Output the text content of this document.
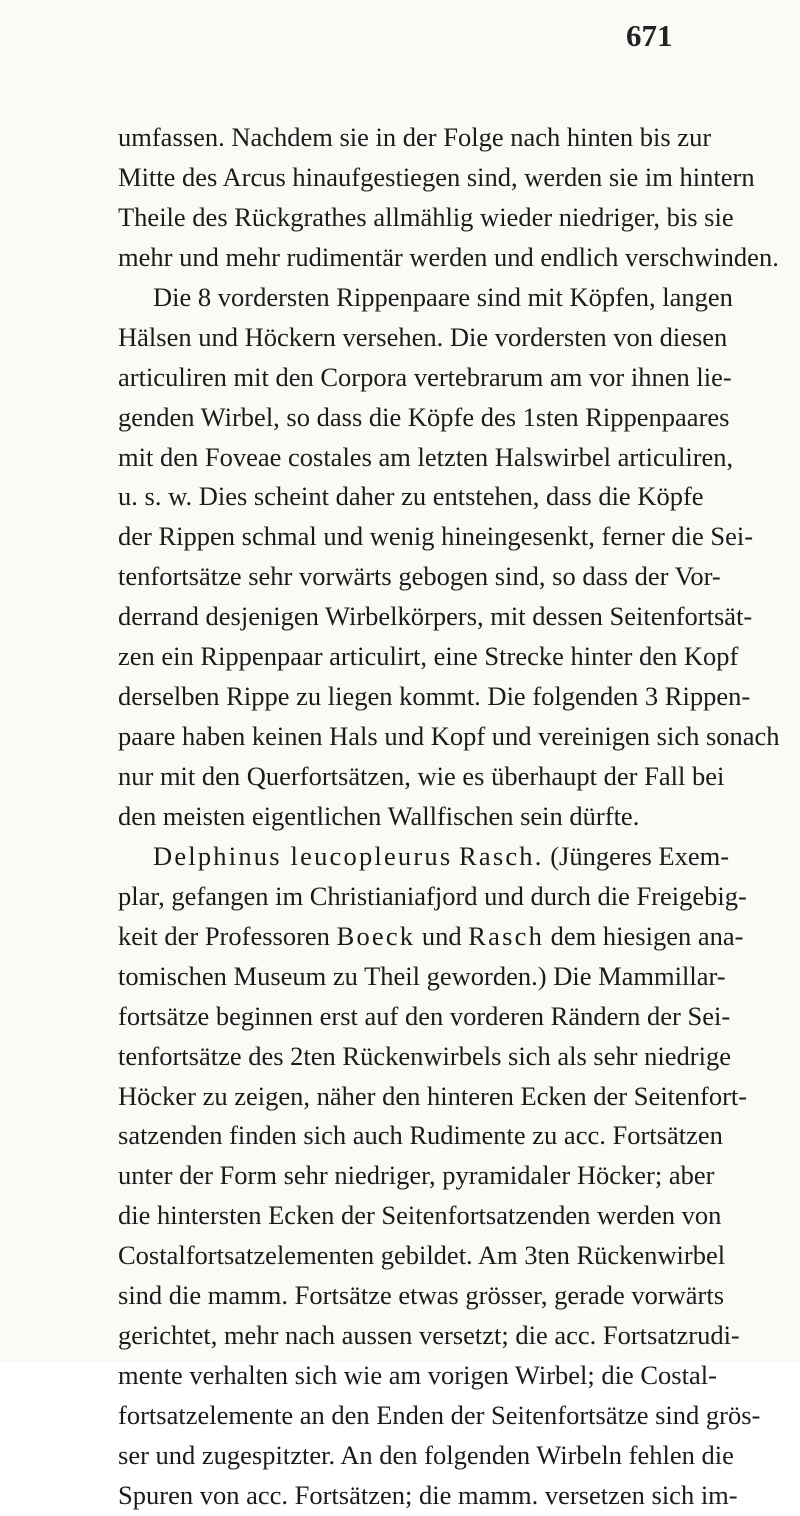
671
umfassen. Nachdem sie in der Folge nach hinten bis zur
Mitte des Arcus hinaufgestiegen sind, werden sie im hintern
Theile des Rückgrathes allmählig wieder niedriger, bis sie
mehr und mehr rudimentär werden und endlich verschwinden.
Die 8 vordersten Rippenpaare sind mit Köpfen, langen
Hälsen und Höckern versehen. Die vordersten von diesen
articuliren mit den Corpora vertebrarum am vor ihnen lie-
genden Wirbel, so dass die Köpfe des 1sten Rippenpaares
mit den Foveae costales am letzten Halswirbel articuliren,
u. s. w. Dies scheint daher zu entstehen, dass die Köpfe
der Rippen schmal und wenig hineingesenkt, ferner die Sei-
tenfortsätze sehr vorwärts gebogen sind, so dass der Vor-
derrand desjenigen Wirbelkörpers, mit dessen Seitenfortsät-
zen ein Rippenpaar articulirt, eine Strecke hinter den Kopf
derselben Rippe zu liegen kommt. Die folgenden 3 Rippen-
paare haben keinen Hals und Kopf und vereinigen sich sonach
nur mit den Querfortsätzen, wie es überhaupt der Fall bei
den meisten eigentlichen Wallfischen sein dürfte.
Delphinus leucopleurus Rasch. (Jüngeres Exem-
plar, gefangen im Christianiafjord und durch die Freigebig-
keit der Professoren Boeck und Rasch dem hiesigen ana-
tomischen Museum zu Theil geworden.) Die Mammillar-
fortsätze beginnen erst auf den vorderen Rändern der Sei-
tenfortsätze des 2ten Rückenwirbels sich als sehr niedrige
Höcker zu zeigen, näher den hinteren Ecken der Seitenfort-
satzenden finden sich auch Rudimente zu acc. Fortsätzen
unter der Form sehr niedriger, pyramidaler Höcker; aber
die hintersten Ecken der Seitenfortsatzenden werden von
Costalfortsatzelementen gebildet. Am 3ten Rückenwirbel
sind die mamm. Fortsätze etwas grösser, gerade vorwärts
gerichtet, mehr nach aussen versetzt; die acc. Fortsatzrudi-
mente verhalten sich wie am vorigen Wirbel; die Costal-
fortsatzelemente an den Enden der Seitenfortsätze sind grös-
ser und zugespitzter. An den folgenden Wirbeln fehlen die
Spuren von acc. Fortsätzen; die mamm. versetzen sich im-
